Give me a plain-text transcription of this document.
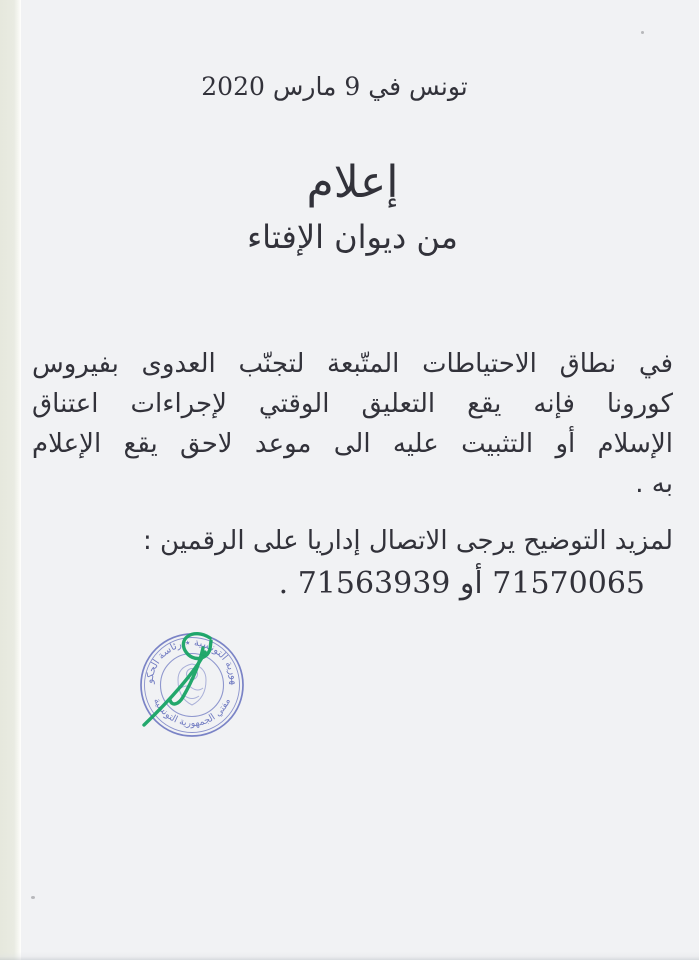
تونس في 9 مارس 2020
إعلام
من ديوان الإفتاء
في نطاق الاحتياطات المتّبعة لتجنّب العدوى بفيروس
كورونا فإنه يقع التعليق الوقتي لإجراءات اعتناق
الإسلام أو التثبيت عليه الى موعد لاحق يقع الإعلام
به .
لمزيد التوضيح يرجى الاتصال إداريا على الرقمين :
71570065 أو 71563939 .
هورية التونسية ٭ رئاسة الحكو
مفتي الجمهورية التونسية
